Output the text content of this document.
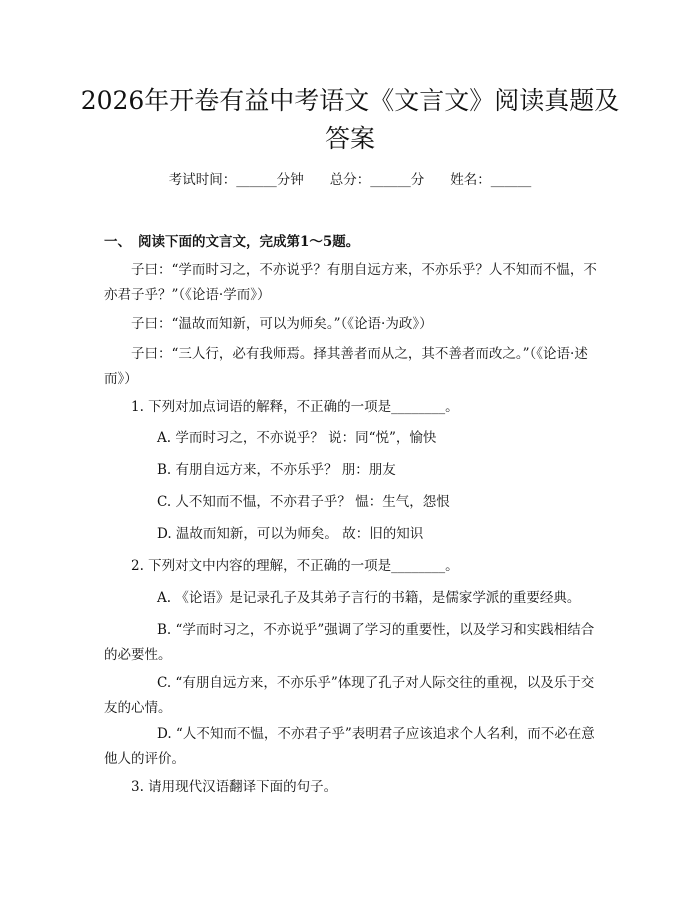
2026年开卷有益中考语文《文言文》阅读真题及答案
考试时间：______分钟 总分：______分 姓名：______
一、 阅读下面的文言文，完成第1～5题。

子曰：“学而时习之，不亦说乎？有朋自远方来，不亦乐乎？人不知而不愠，不亦君子乎？”（《论语·学而》）

子曰：“温故而知新，可以为师矣。”（《论语·为政》）

子曰：“三人行，必有我师焉。择其善者而从之，其不善者而改之。”（《论语·述而》）

1. 下列对加点词语的解释，不正确的一项是________。

A. 学而时习之，不亦说乎？ 说：同“悦”，愉快

B. 有朋自远方来，不亦乐乎？ 朋：朋友

C. 人不知而不愠，不亦君子乎？ 愠：生气，怨恨

D. 温故而知新，可以为师矣。 故：旧的知识

2. 下列对文中内容的理解，不正确的一项是________。

A. 《论语》是记录孔子及其弟子言行的书籍，是儒家学派的重要经典。

B. “学而时习之，不亦说乎”强调了学习的重要性，以及学习和实践相结合的必要性。

C. “有朋自远方来，不亦乐乎”体现了孔子对人际交往的重视，以及乐于交友的心情。

D. “人不知而不愠，不亦君子乎”表明君子应该追求个人名利，而不必在意他人的评价。

3. 请用现代汉语翻译下面的句子。
